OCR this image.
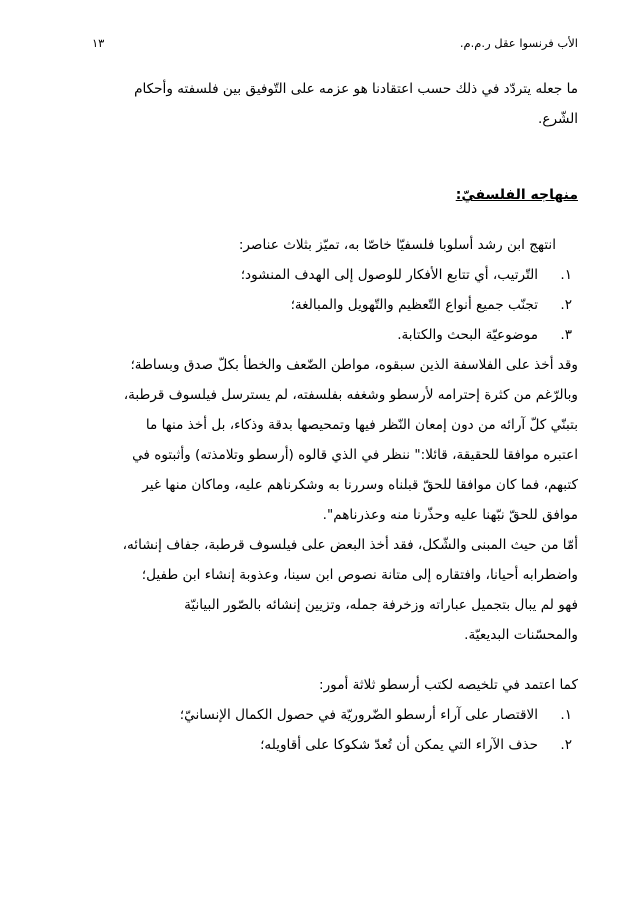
الأب فرنسوا عقل ر.م.م.
١٣

ما جعله يتردّد في ذلك حسب اعتقادنا هو عزمه على التّوفيق بين فلسفته وأحكام

الشّرع.

منهاجه الفلسفيّ:

انتهج ابن رشد أسلوبا فلسفيّا خاصّا به، تميّز بثلاث عناصر:

١.
التّرتيب، أي تتابع الأفكار للوصول إلى الهدف المنشود؛
٢.
تجنّب جميع أنواع التّعظيم والتّهويل والمبالغة؛
٣.
موضوعيّة البحث والكتابة.

وقد أخذ على الفلاسفة الذين سبقوه، مواطن الضّعف والخطأ بكلّ صدق وبساطة؛

وبالرّغم من كثرة إحترامه لأرسطو وشغفه بفلسفته، لم يسترسل فيلسوف قرطبة،

بتبنّي كلّ آرائه من دون إمعان النّظر فيها وتمحيصها بدقة وذكاء، بل أخذ منها ما

اعتبره موافقا للحقيقة، قائلا:" ننظر في الذي قالوه (أرسطو وتلامذته) وأثبتوه في

كتبهم، فما كان موافقا للحقّ قبلناه وسررنا به وشكرناهم عليه، وماكان منها غير

موافق للحقّ نبّهنا عليه وحذّرنا منه وعذرناهم".

أمّا من حيث المبنى والشّكل، فقد أخذ البعض على فيلسوف قرطبة، جفاف إنشائه،

واضطرابه أحيانا، وافتقاره إلى متانة نصوص ابن سينا، وعذوبة إنشاء ابن طفيل؛

فهو لم يبال بتجميل عباراته وزخرفة جمله، وتزيين إنشائه بالصّور البيانيّة

والمحسّنات البديعيّة.

كما اعتمد في تلخيصه لكتب أرسطو ثلاثة أمور:

١.
الاقتصار على آراء أرسطو الضّروريّة في حصول الكمال الإنسانيّ؛
٢.
حذف الآراء التي يمكن أن تُعدّ شكوكا على أقاويله؛
